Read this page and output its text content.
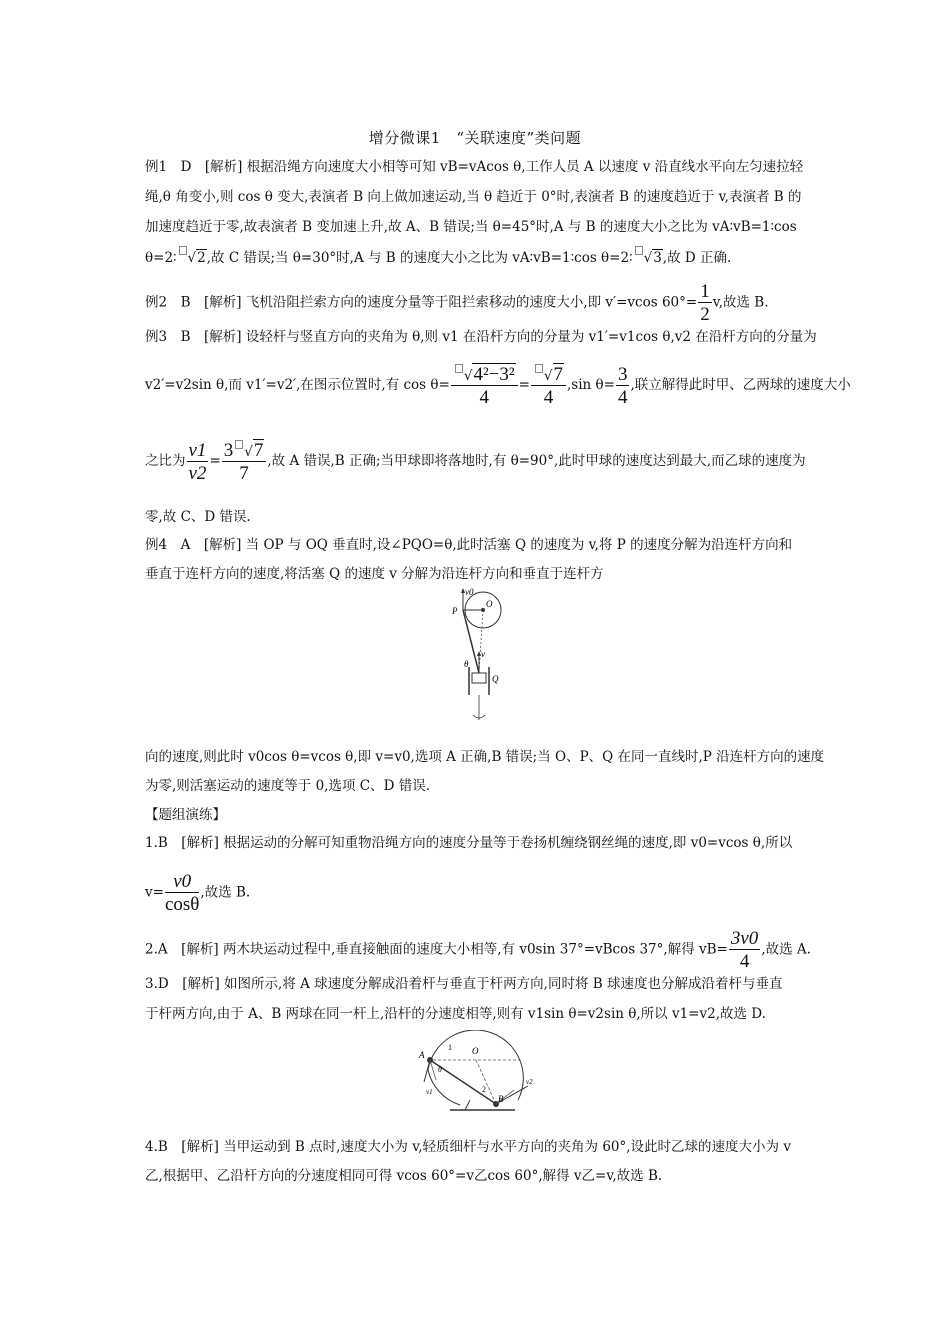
增分微课1　“关联速度”类问题
例1　D　[解析] 根据沿绳方向速度大小相等可知 vB=vAcos θ,工作人员 A 以速度 v 沿直线水平向左匀速拉轻
绳,θ 角变小,则 cos θ 变大,表演者 B 向上做加速运动,当 θ 趋近于 0°时,表演者 B 的速度趋近于 v,表演者 B 的
加速度趋近于零,故表演者 B 变加速上升,故 A、B 错误;当 θ=45°时,A 与 B 的速度大小之比为 vA∶vB=1∶cos
θ=2∶ √2,故 C 错误;当 θ=30°时,A 与 B 的速度大小之比为 vA∶vB=1∶cos θ=2∶ √3,故 D 正确.
例2　B　[解析] 飞机沿阻拦索方向的速度分量等于阻拦索移动的速度大小,即 v′=vcos $60^\circ= \frac{1}{2} v$,故选 B.
例3　B　[解析] 设轻杆与竖直方向的夹角为 θ,则 v1 在沿杆方向的分量为 v1′=v1cos θ,v2 在沿杆方向的分量为
v2′=v2sin θ,而 v1′=v2′,在图示位置时,有 $\cos \theta= \frac{\text{√4²−3²}}{4} = \frac{√7}{4} ,\sin$ $\theta= \frac{3}{4}$ ,联立解得此时甲、乙两球的速度大小
之比为 $\frac{v1}{v2} = \frac{3 √7}{7}$ ,故 A 错误,B 正确;当甲球即将落地时,有 θ=90°,此时甲球的速度达到最大,而乙球的速度为
零,故 C、D 错误.
例4　A　[解析] 当 OP 与 OQ 垂直时,设∠PQO=θ,此时活塞 Q 的速度为 v,将 P 的速度分解为沿连杆方向和
垂直于连杆方向的速度,将活塞 Q 的速度 v 分解为沿连杆方向和垂直于连杆方
v0
O
P
θ
v
Q
向的速度,则此时 v0cos θ=vcos θ,即 v=v0,选项 A 正确,B 错误;当 O、P、Q 在同一直线时,P 沿连杆方向的速度
为零,则活塞运动的速度等于 0,选项 C、D 错误.
【题组演练】
1.B　[解析] 根据运动的分解可知重物沿绳方向的速度分量等于卷扬机缠绕钢丝绳的速度,即 v0=vcos θ,所以
$v= \frac{v0}{\cos\theta}$ ,故选 B.
2.A　[解析] 两木块运动过程中,垂直接触面的速度大小相等,有 v0sin 37°=vBcos 37°,解得 $vB= \frac{3v0}{4}$ ,故选 A.
3.D　[解析] 如图所示,将 A 球速度分解成沿着杆与垂直于杆两方向,同时将 B 球速度也分解成沿着杆与垂直
于杆两方向,由于 A、B 两球在同一杆上,沿杆的分速度相等,则有 v1sin θ=v2sin θ,所以 v1=v2,故选 D.
A	O
B
1
2
θ
v1
v2
4.B　[解析] 当甲运动到 B 点时,速度大小为 v,轻质细杆与水平方向的夹角为 60°,设此时乙球的速度大小为 v
乙,根据甲、乙沿杆方向的分速度相同可得 vcos 60°=v乙cos 60°,解得 v乙=v,故选 B.
